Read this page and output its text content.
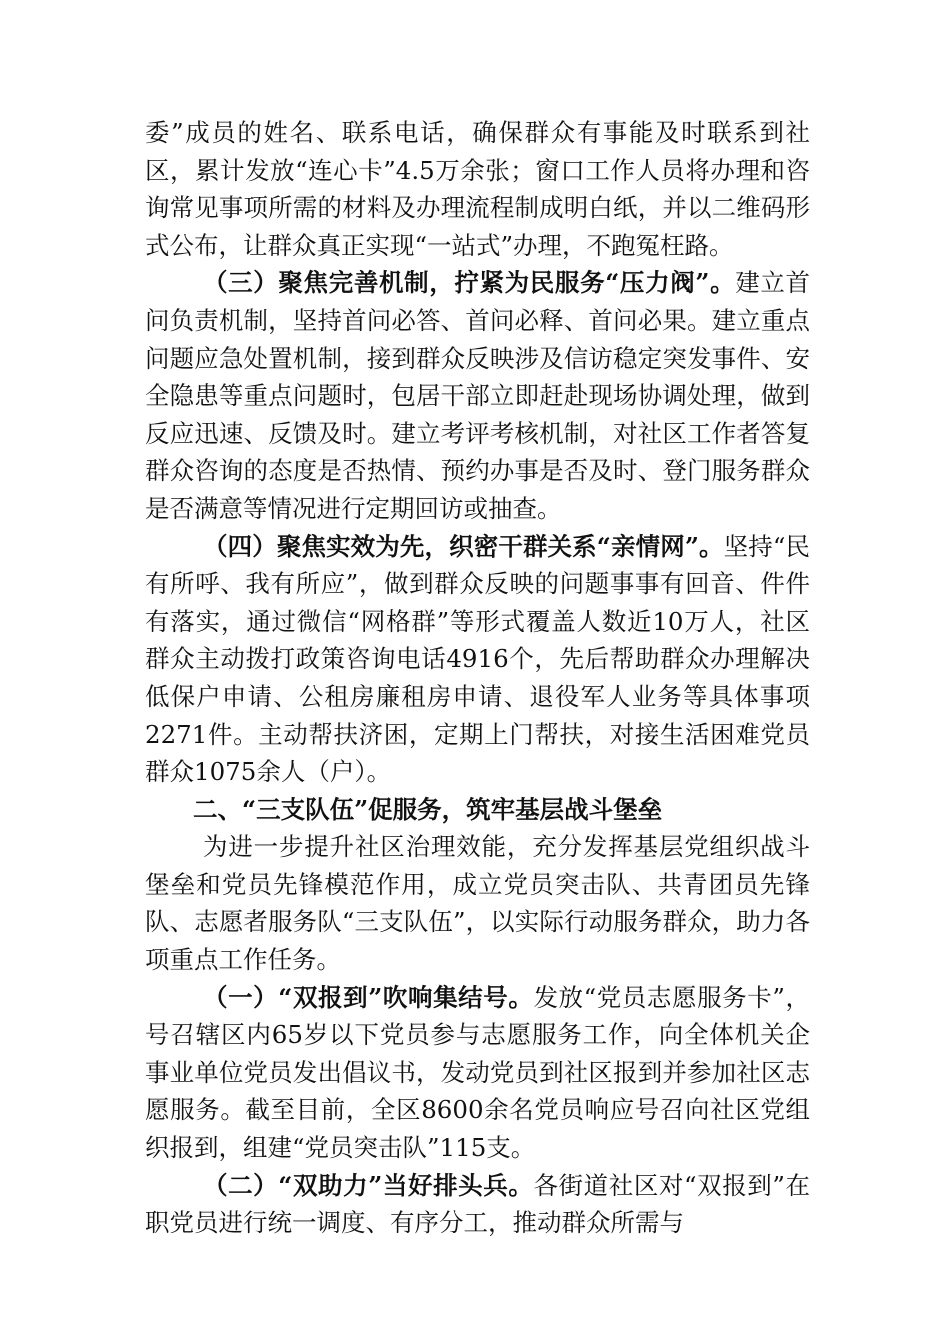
委”成员的姓名、联系电话，确保群众有事能及时联系到社区，累计发放“连心卡”4.5万余张；窗口工作人员将办理和咨询常见事项所需的材料及办理流程制成明白纸，并以二维码形式公布，让群众真正实现“一站式”办理，不跑冤枉路。

（三）聚焦完善机制，拧紧为民服务“压力阀”。建立首问负责机制，坚持首问必答、首问必释、首问必果。建立重点问题应急处置机制，接到群众反映涉及信访稳定突发事件、安全隐患等重点问题时，包居干部立即赶赴现场协调处理，做到反应迅速、反馈及时。建立考评考核机制，对社区工作者答复群众咨询的态度是否热情、预约办事是否及时、登门服务群众是否满意等情况进行定期回访或抽查。

（四）聚焦实效为先，织密干群关系“亲情网”。坚持“民有所呼、我有所应”，做到群众反映的问题事事有回音、件件有落实，通过微信“网格群”等形式覆盖人数近10万人，社区群众主动拨打政策咨询电话4916个，先后帮助群众办理解决低保户申请、公租房廉租房申请、退役军人业务等具体事项2271件。主动帮扶济困，定期上门帮扶，对接生活困难党员群众1075余人（户）。

二、“三支队伍”促服务，筑牢基层战斗堡垒

为进一步提升社区治理效能，充分发挥基层党组织战斗堡垒和党员先锋模范作用，成立党员突击队、共青团员先锋队、志愿者服务队“三支队伍”，以实际行动服务群众，助力各项重点工作任务。

（一）“双报到”吹响集结号。发放“党员志愿服务卡”，号召辖区内65岁以下党员参与志愿服务工作，向全体机关企事业单位党员发出倡议书，发动党员到社区报到并参加社区志愿服务。截至目前，全区8600余名党员响应号召向社区党组织报到，组建“党员突击队”115支。

（二）“双助力”当好排头兵。各街道社区对“双报到”在职党员进行统一调度、有序分工，推动群众所需与
